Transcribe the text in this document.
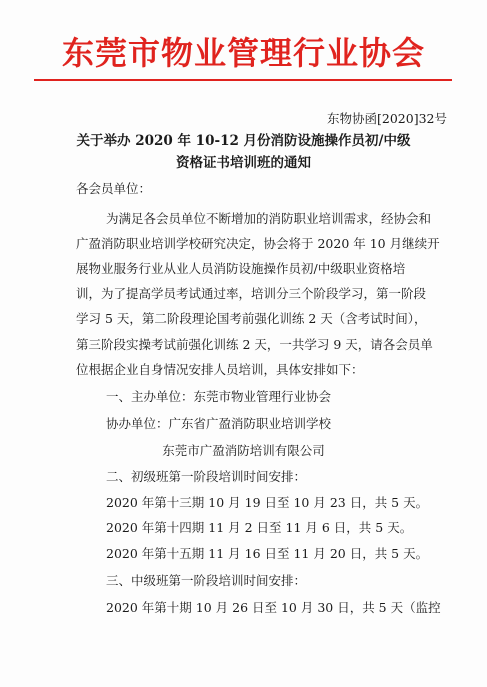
东莞市物业管理行业协会
东物协函[2020]32号
关于举办 2020 年 10-12 月份消防设施操作员初/中级
资格证书培训班的通知
各会员单位：
为满足各会员单位不断增加的消防职业培训需求，经协会和
广盈消防职业培训学校研究决定，协会将于 2020 年 10 月继续开
展物业服务行业从业人员消防设施操作员初/中级职业资格培
训，为了提高学员考试通过率，培训分三个阶段学习，第一阶段
学习 5 天，第二阶段理论国考前强化训练 2 天（含考试时间），
第三阶段实操考试前强化训练 2 天，一共学习 9 天，请各会员单
位根据企业自身情况安排人员培训，具体安排如下：
一、主办单位：东莞市物业管理行业协会
协办单位：广东省广盈消防职业培训学校
东莞市广盈消防培训有限公司
二、初级班第一阶段培训时间安排：
2020 年第十三期 10 月 19 日至 10 月 23 日，共 5 天。
2020 年第十四期 11 月 2 日至 11 月 6 日，共 5 天。
2020 年第十五期 11 月 16 日至 11 月 20 日，共 5 天。
三、中级班第一阶段培训时间安排：
2020 年第十期 10 月 26 日至 10 月 30 日，共 5 天（监控
